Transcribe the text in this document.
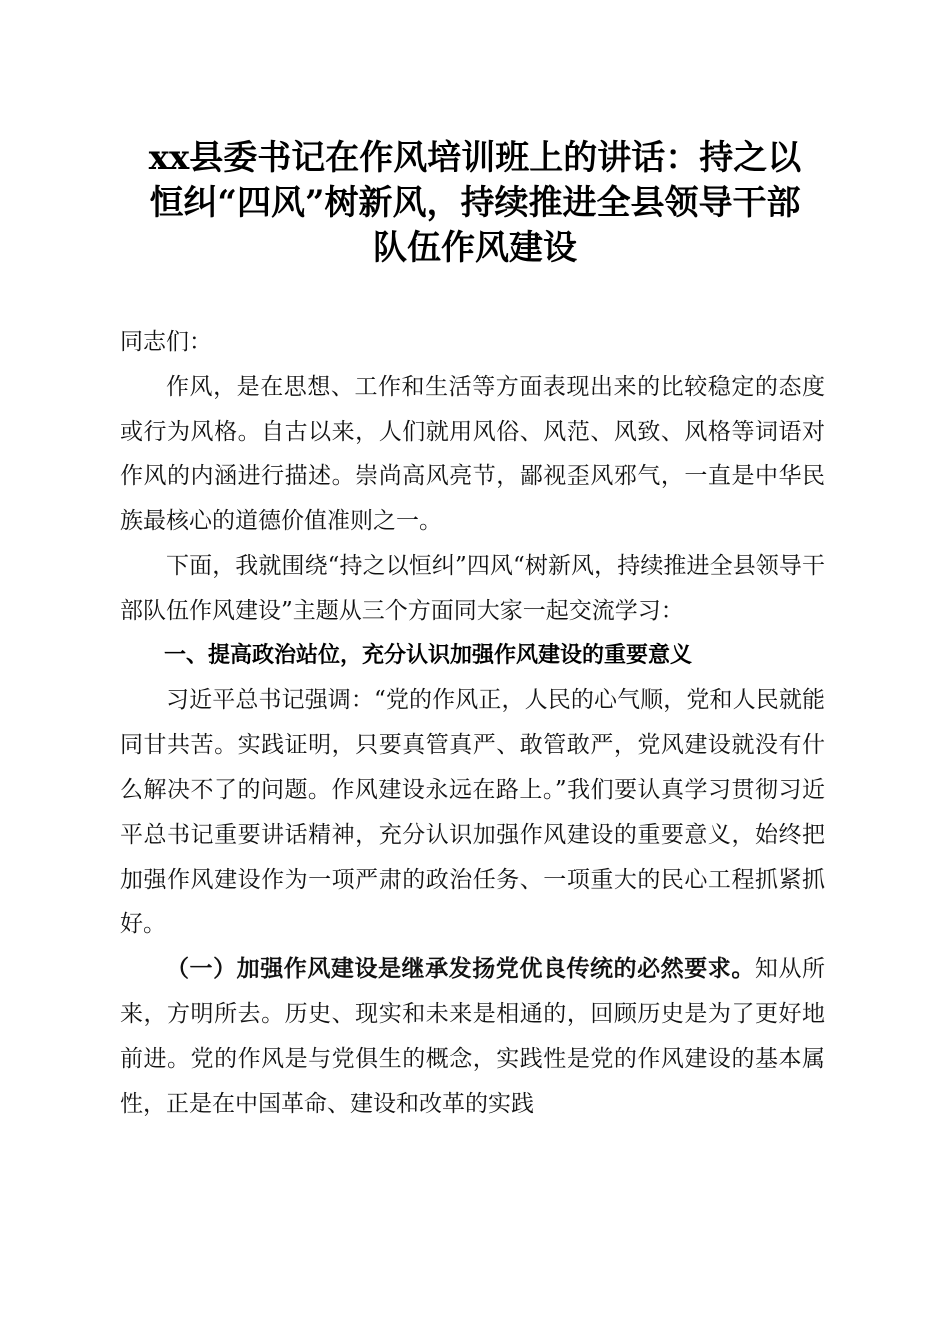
xx县委书记在作风培训班上的讲话：持之以
恒纠“四风”树新风，持续推进全县领导干部
队伍作风建设

同志们：

作风，是在思想、工作和生活等方面表现出来的比较稳定的态度或行为风格。自古以来，人们就用风俗、风范、风致、风格等词语对作风的内涵进行描述。崇尚高风亮节，鄙视歪风邪气，一直是中华民族最核心的道德价值准则之一。

下面，我就围绕“持之以恒纠”四风“树新风，持续推进全县领导干部队伍作风建设”主题从三个方面同大家一起交流学习：

一、提高政治站位，充分认识加强作风建设的重要意义

习近平总书记强调：“党的作风正，人民的心气顺，党和人民就能同甘共苦。实践证明，只要真管真严、敢管敢严，党风建设就没有什么解决不了的问题。作风建设永远在路上。”我们要认真学习贯彻习近平总书记重要讲话精神，充分认识加强作风建设的重要意义，始终把加强作风建设作为一项严肃的政治任务、一项重大的民心工程抓紧抓好。

（一）加强作风建设是继承发扬党优良传统的必然要求。知从所来，方明所去。历史、现实和未来是相通的，回顾历史是为了更好地前进。党的作风是与党俱生的概念，实践性是党的作风建设的基本属性，正是在中国革命、建设和改革的实践
